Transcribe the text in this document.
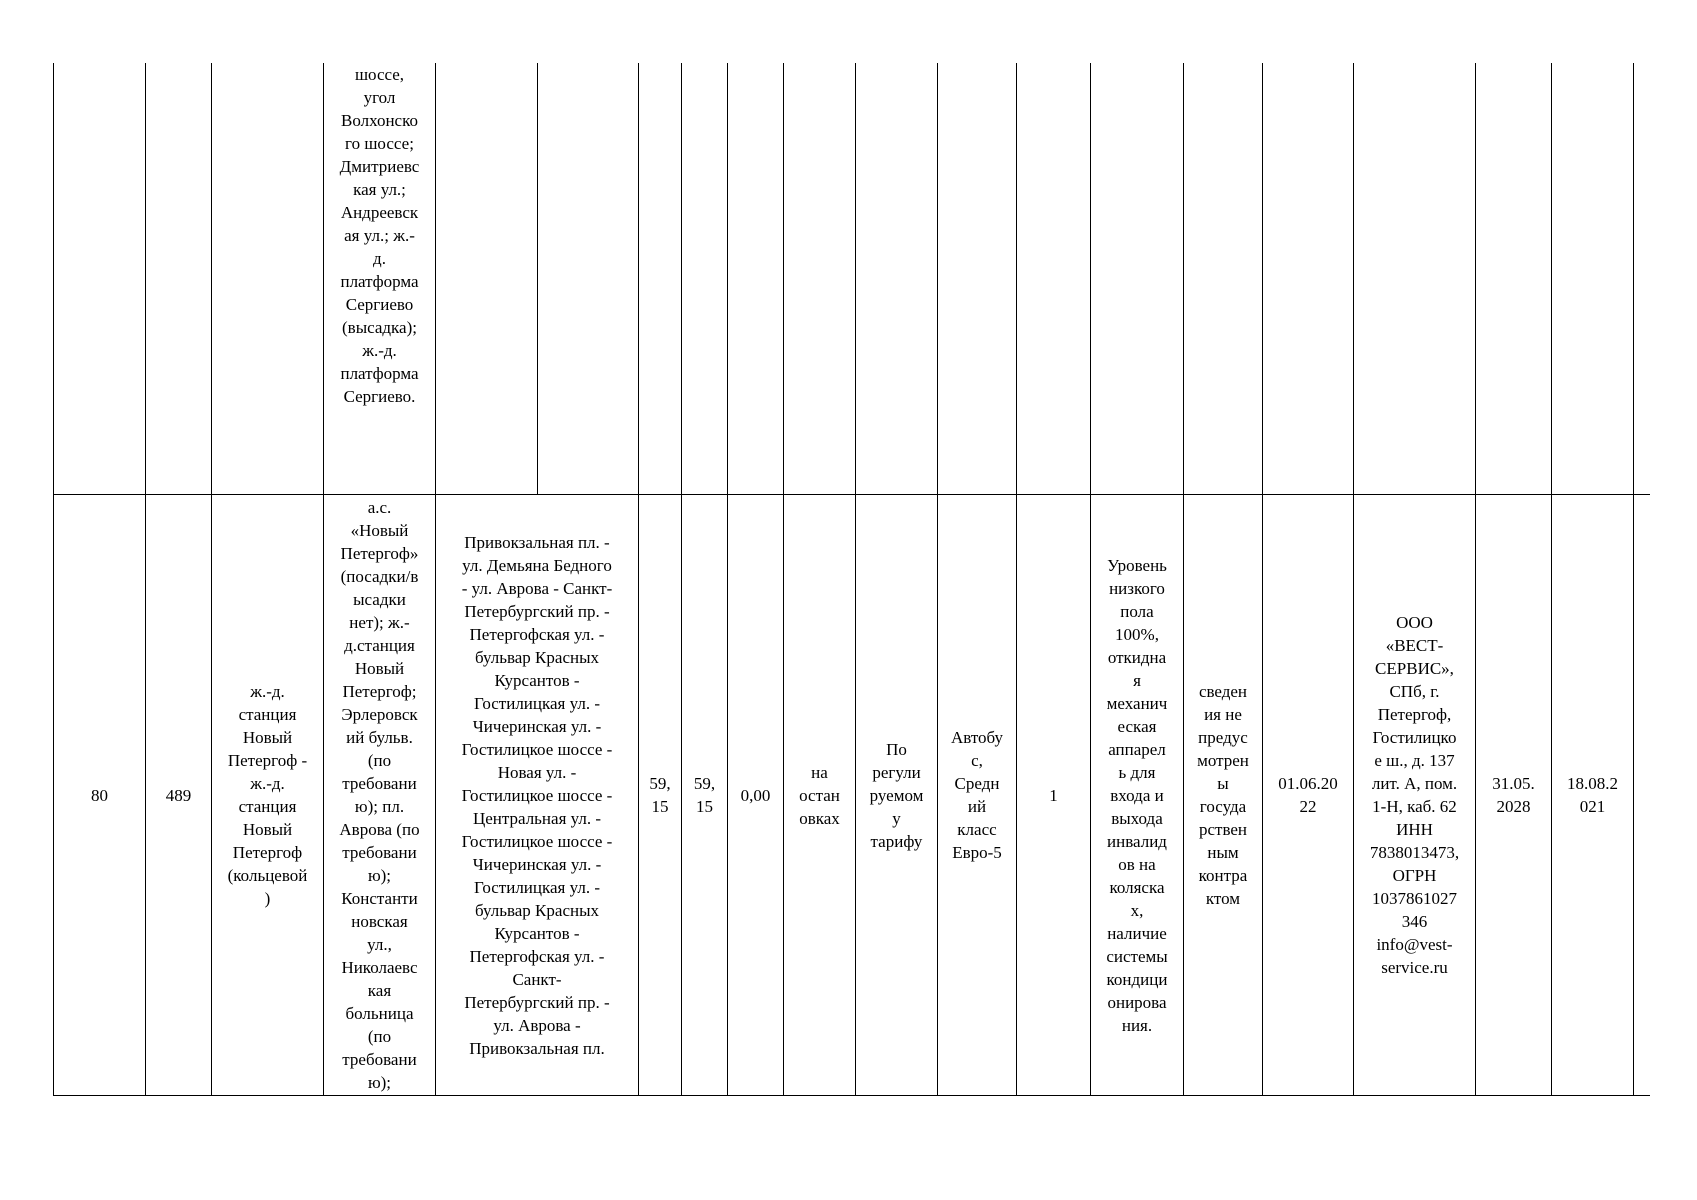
шоссе,
угол
Волхонско
го шоссе;
Дмитриевс
кая ул.;
Андреевск
ая ул.; ж.-
д.
платформа
Сергиево
(высадка);
ж.-д.
платформа
Сергиево.
80	489
ж.-д.
станция
Новый
Петергоф -
ж.-д.
станция
Новый
Петергоф
(кольцевой
)
а.с.
«Новый
Петергоф»
(посадки/в
ысадки
нет); ж.-
д.станция
Новый
Петергоф;
Эрлеровск
ий бульв.
(по
требовани
ю); пл.
Аврова (по
требовани
ю);
Константи
новская
ул.,
Николаевс
кая
больница
(по
требовани
ю);
Привокзальная пл. -
ул. Демьяна Бедного
- ул. Аврова - Санкт-
Петербургский пр. -
Петергофская ул. -
бульвар Красных
Курсантов -
Гостилицкая ул. -
Чичеринская ул. -
Гостилицкое шоссе -
Новая ул. -
Гостилицкое шоссе -
Центральная ул. -
Гостилицкое шоссе -
Чичеринская ул. -
Гостилицкая ул. -
бульвар Красных
Курсантов -
Петергофская ул. -
Санкт-
Петербургский пр. -
ул. Аврова -
Привокзальная пл.
59,
15
59,
15
0,00
на
остан
овках
По
регули
руемом
у
тарифу
Автобу
с,
Средн
ий
класс
Евро-5
1
Уровень
низкого
пола
100%,
откидна
я
механич
еская
аппарел
ь для
входа и
выхода
инвалид
ов на
коляска
х,
наличие
системы
кондици
онирова
ния.
сведен
ия не
предус
мотрен
ы
госуда
рствен
ным
контра
ктом
01.06.20
22
ООО
«ВЕСТ-
СЕРВИС»,
СПб, г.
Петергоф,
Гостилицко
е ш., д. 137
лит. А, пом.
1-Н, каб. 62
ИНН
7838013473,
ОГРН
1037861027
346
info@vest-
service.ru
31.05.
2028
18.08.2
021
